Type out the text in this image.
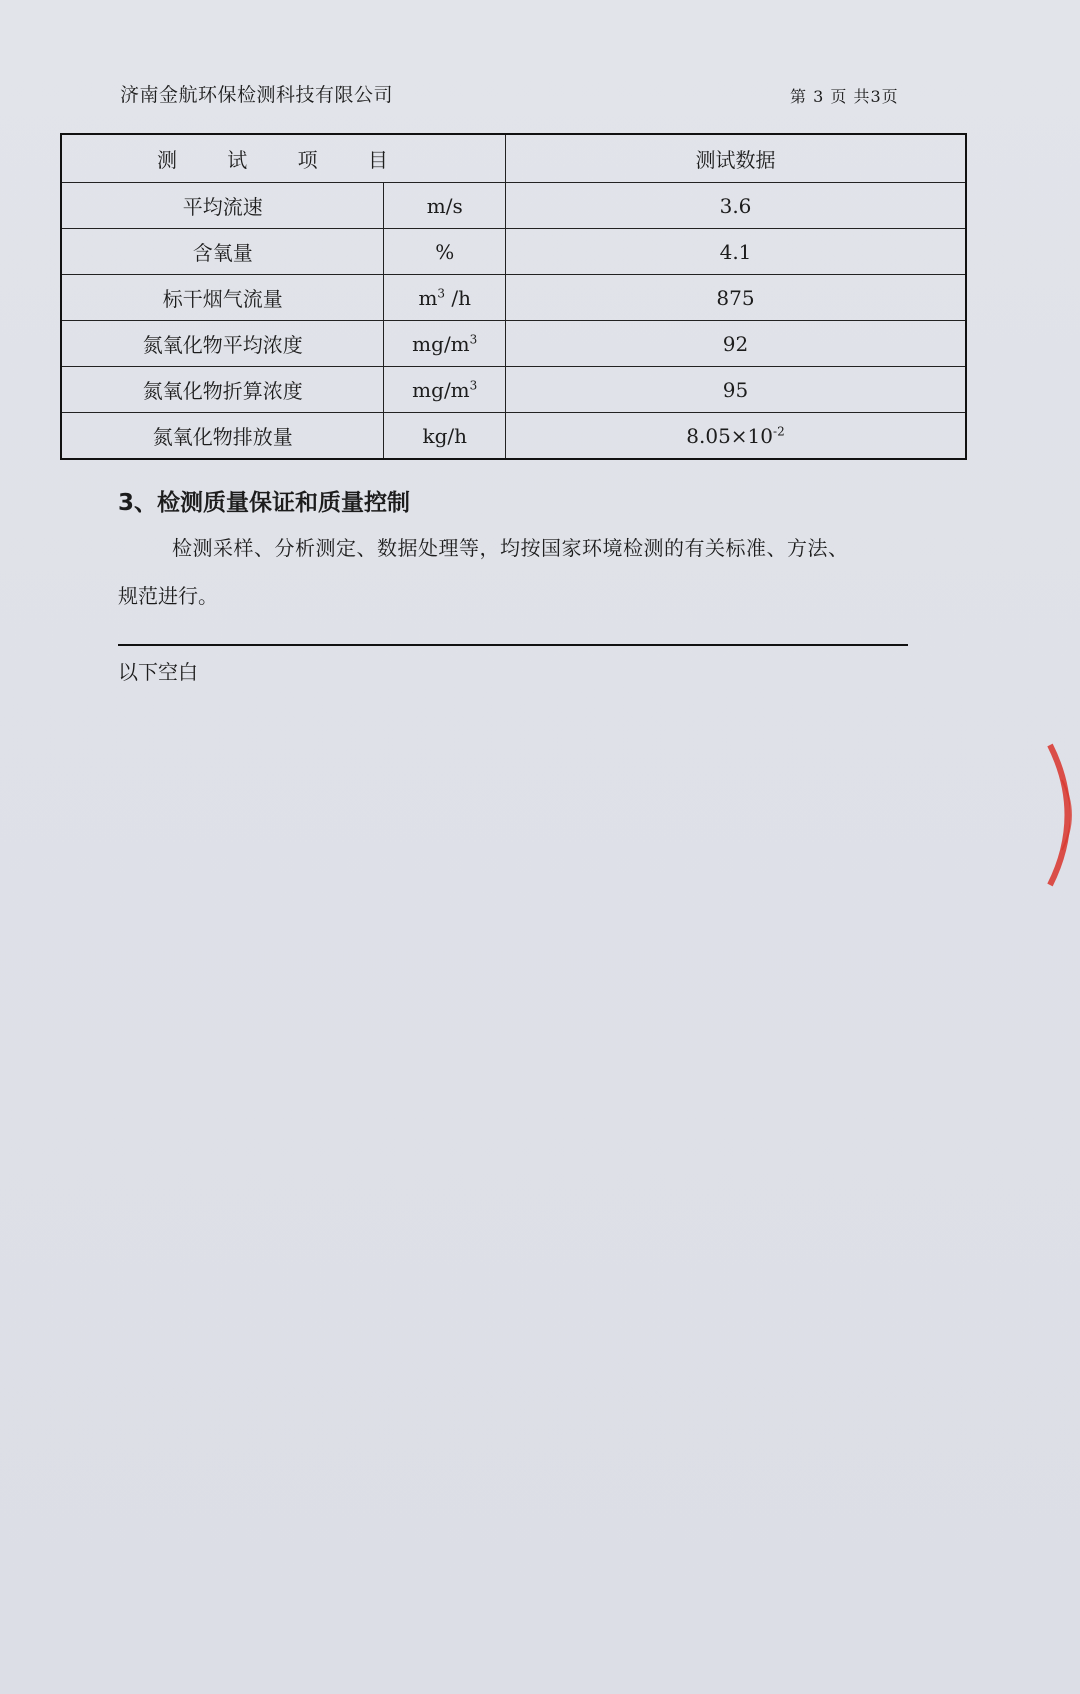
济南金航环保检测科技有限公司	第 3 页 共3页
测 试 项 目		测试数据
平均流速	m/s	3.6
含氧量	%	4.1
标干烟气流量	$m^3$ /h	875
氮氧化物平均浓度	$mg/m^3$	92
氮氧化物折算浓度	$mg/m^3$	95
氮氧化物排放量	kg/h	$8.05\times 10^{-2}$
3、检测质量保证和质量控制
检测采样、分析测定、数据处理等，均按国家环境检测的有关标准、方法、
规范进行。
以下空白
